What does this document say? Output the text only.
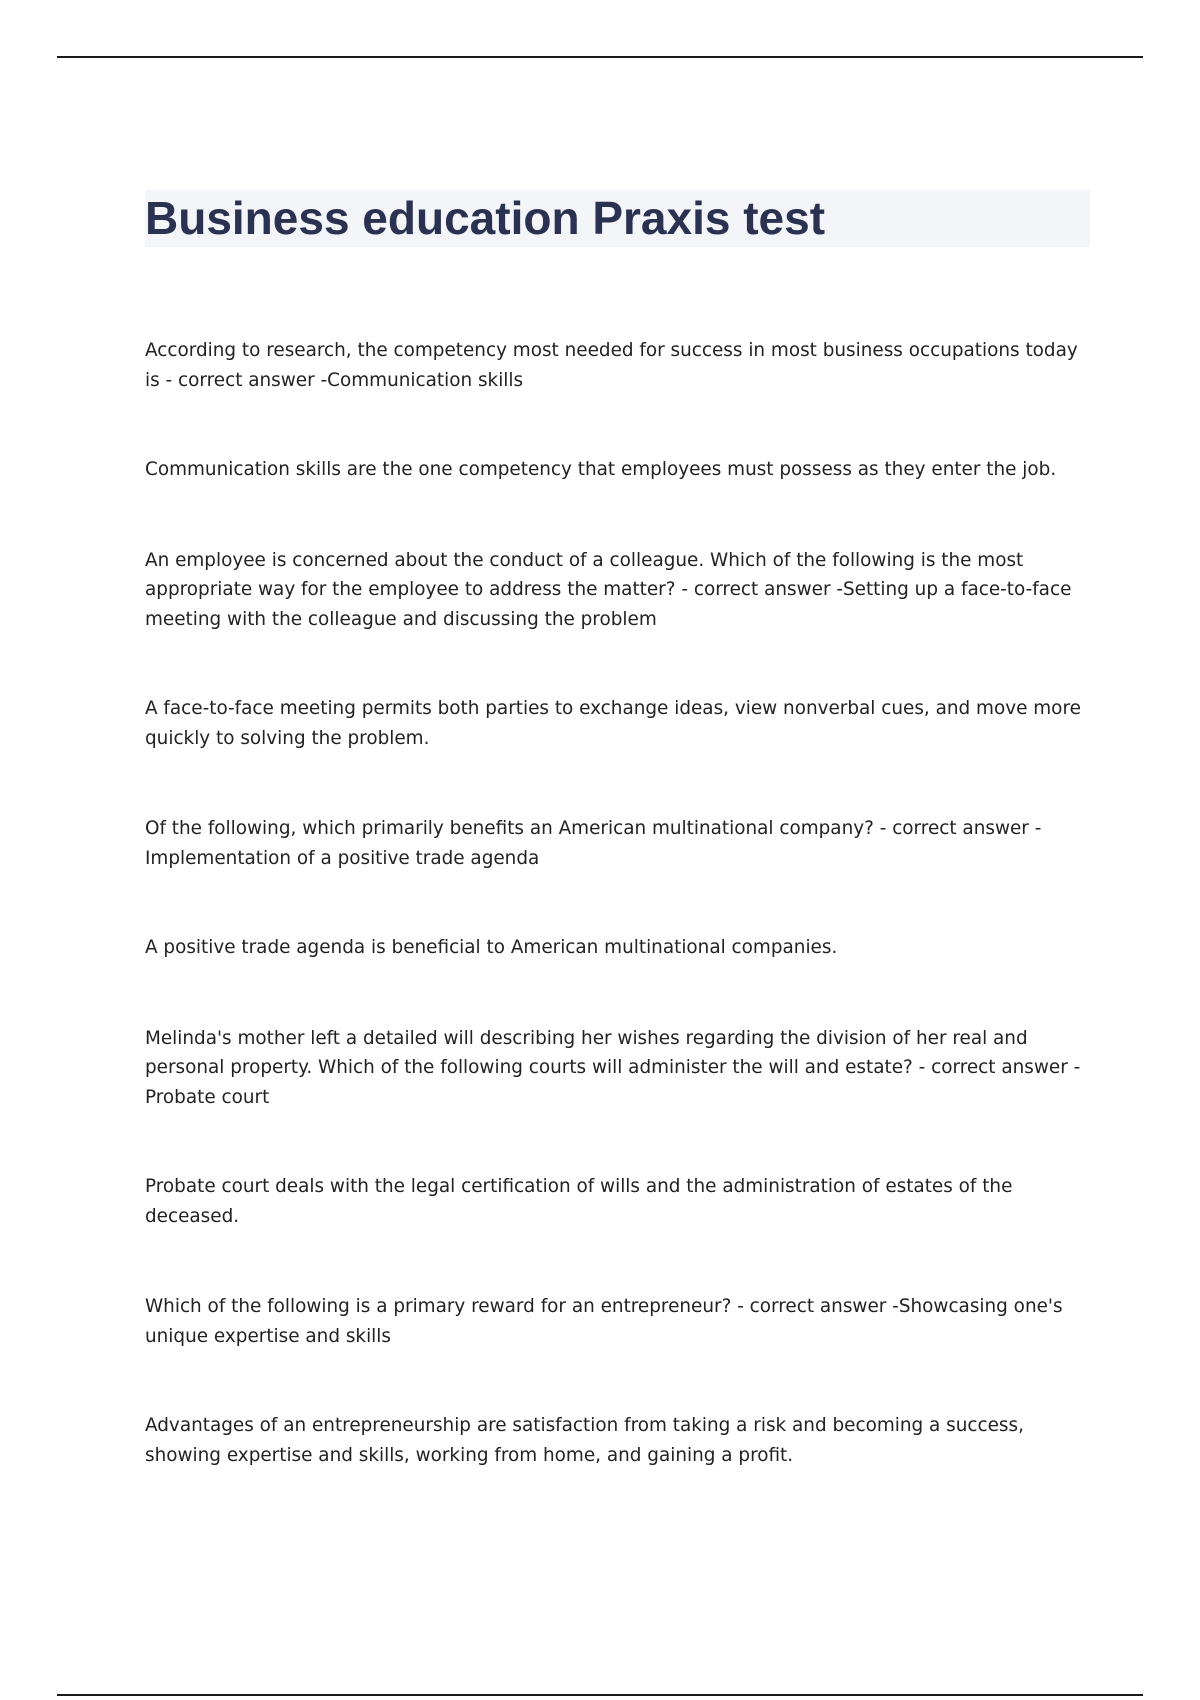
Business education Praxis test

According to research, the competency most needed for success in most business occupations today is - correct answer -Communication skills

Communication skills are the one competency that employees must possess as they enter the job.

An employee is concerned about the conduct of a colleague. Which of the following is the most appropriate way for the employee to address the matter? - correct answer -Setting up a face-to-face meeting with the colleague and discussing the problem

A face-to-face meeting permits both parties to exchange ideas, view nonverbal cues, and move more quickly to solving the problem.

Of the following, which primarily benefits an American multinational company? - correct answer -Implementation of a positive trade agenda

A positive trade agenda is beneficial to American multinational companies.

Melinda's mother left a detailed will describing her wishes regarding the division of her real and personal property. Which of the following courts will administer the will and estate? - correct answer -Probate court

Probate court deals with the legal certification of wills and the administration of estates of the deceased.

Which of the following is a primary reward for an entrepreneur? - correct answer -Showcasing one's unique expertise and skills

Advantages of an entrepreneurship are satisfaction from taking a risk and becoming a success, showing expertise and skills, working from home, and gaining a profit.
